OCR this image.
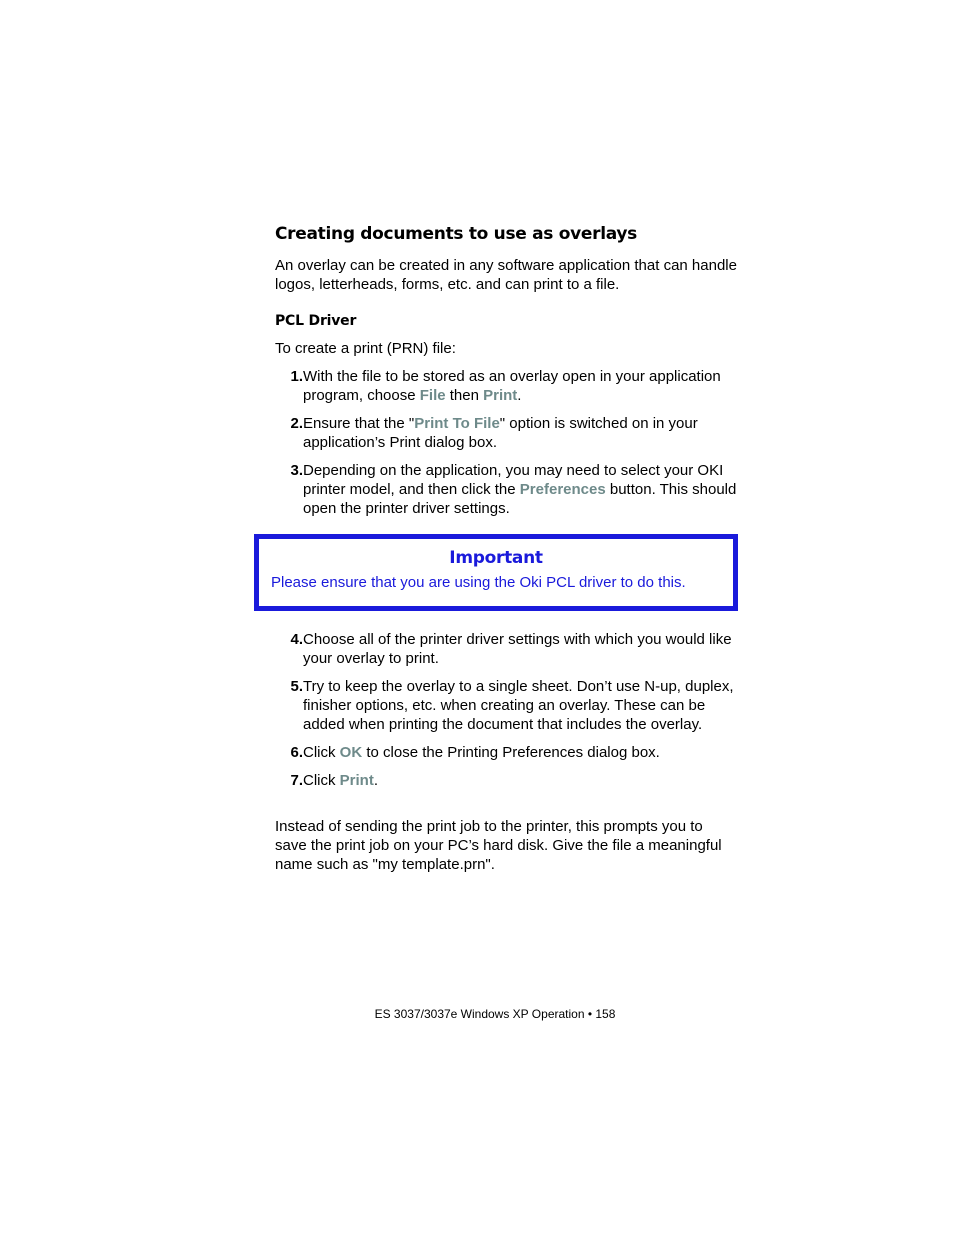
Creating documents to use as overlays

An overlay can be created in any software application that can handle logos, letterheads, forms, etc. and can print to a file.

PCL Driver

To create a print (PRN) file:

1. With the file to be stored as an overlay open in your application program, choose File then Print.
2. Ensure that the "Print To File" option is switched on in your application’s Print dialog box.
3. Depending on the application, you may need to select your OKI printer model, and then click the Preferences button. This should open the printer driver settings.
Important

Please ensure that you are using the Oki PCL driver to do this.

4. Choose all of the printer driver settings with which you would like your overlay to print.
5. Try to keep the overlay to a single sheet. Don’t use N-up, duplex, finisher options, etc. when creating an overlay. These can be added when printing the document that includes the overlay.
6. Click OK to close the Printing Preferences dialog box.
7. Click Print.

Instead of sending the print job to the printer, this prompts you to save the print job on your PC’s hard disk. Give the file a meaningful name such as "my template.prn".

ES 3037/3037e Windows XP Operation • 158
